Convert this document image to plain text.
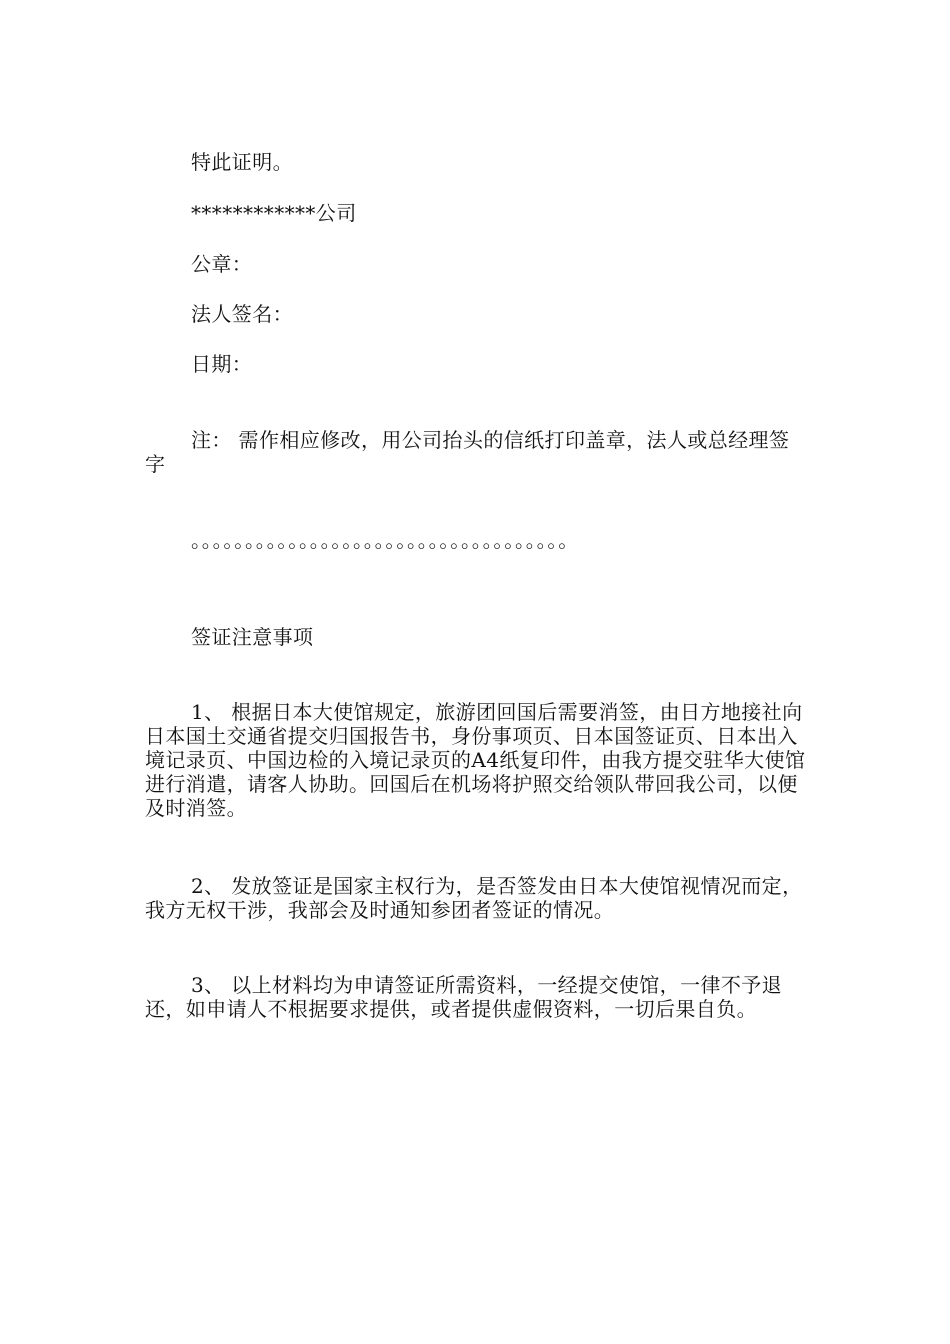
特此证明。
************公司
公章：
法人签名：
日期：
注： 需作相应修改，用公司抬头的信纸打印盖章，法人或总经理签字
。。。。。。。。。。。。。。。。。。。。。。。。。。。。。。。。。。。
签证注意事项
1、 根据日本大使馆规定，旅游团回国后需要消签，由日方地接社向日本国土交通省提交归国报告书，身份事项页、日本国签证页、日本出入境记录页、中国边检的入境记录页的A4纸复印件，由我方提交驻华大使馆进行消遣，请客人协助。回国后在机场将护照交给领队带回我公司，以便及时消签。
2、 发放签证是国家主权行为，是否签发由日本大使馆视情况而定，我方无权干涉，我部会及时通知参团者签证的情况。
3、 以上材料均为申请签证所需资料，一经提交使馆，一律不予退还，如申请人不根据要求提供，或者提供虚假资料，一切后果自负。
